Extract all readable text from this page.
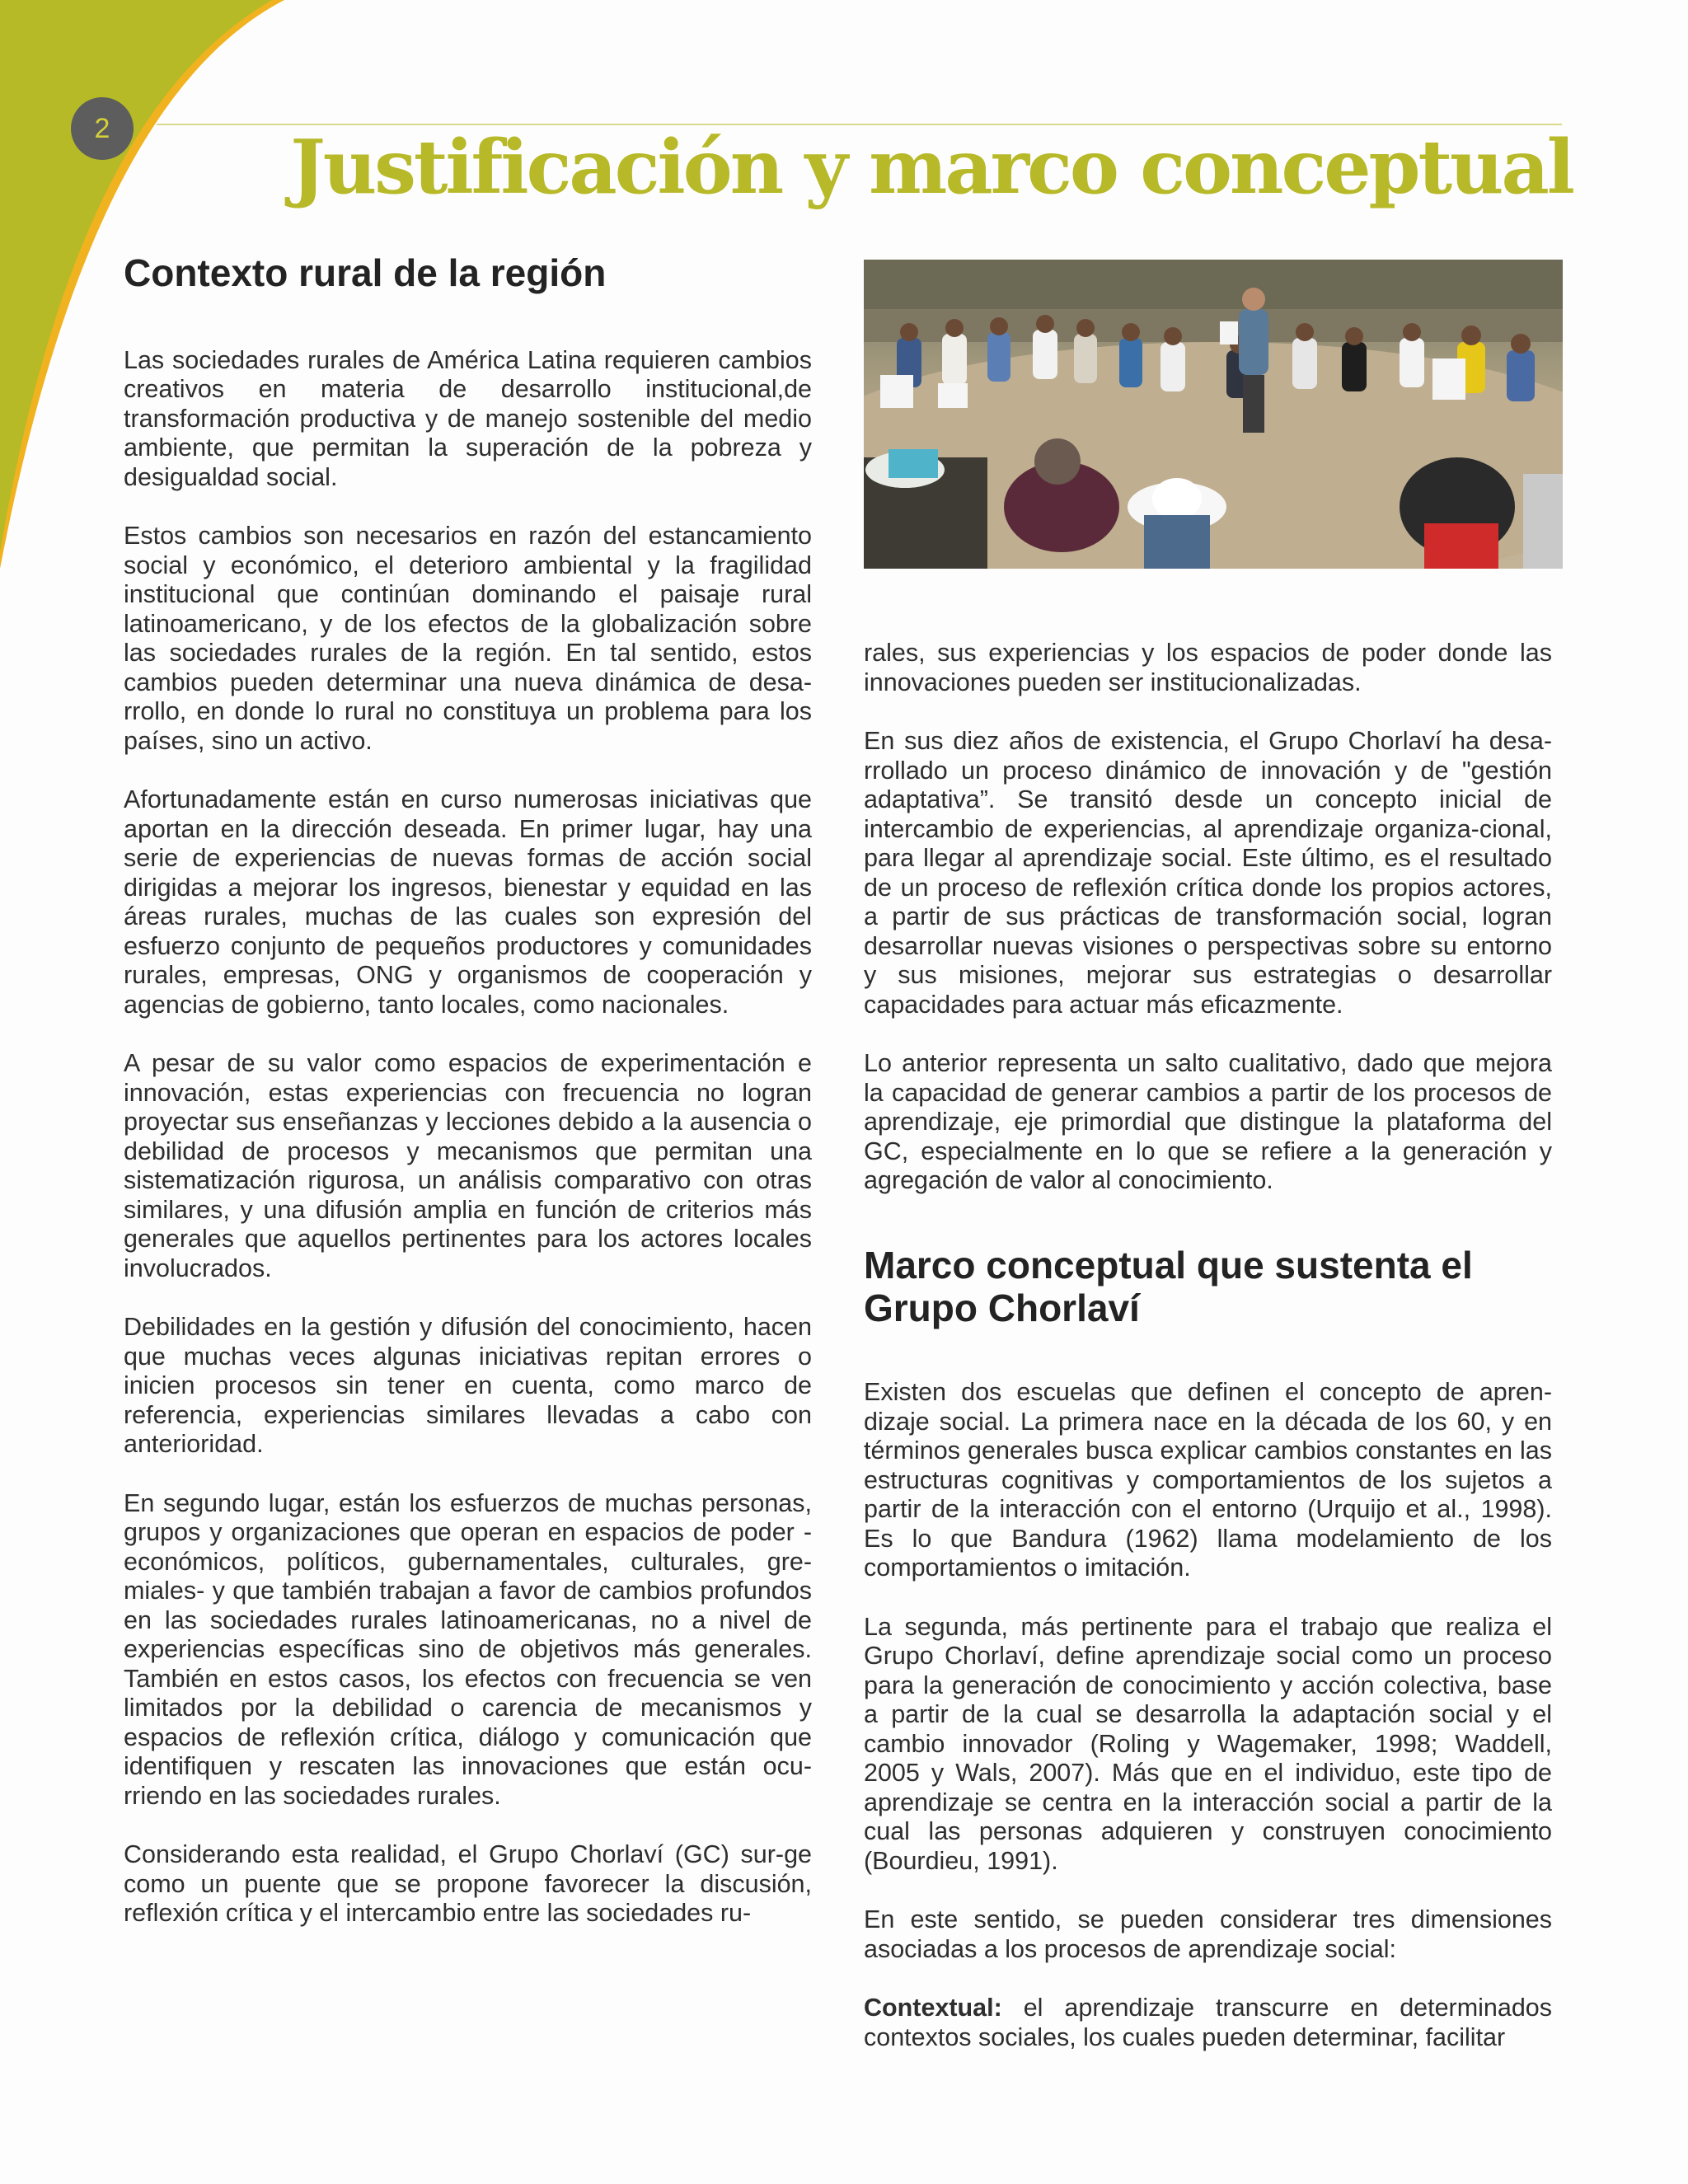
2	Justificación y marco conceptual
Contexto rural de la región

Las sociedades rurales de América Latina requieren cambios creativos en materia de desarrollo institucional,de transformación productiva y de manejo sostenible del medio ambiente, que permitan la superación de la pobreza y desigualdad social.

Estos cambios son necesarios en razón del estancamiento social y económico, el deterioro ambiental y la fragilidad institucional que continúan dominando el paisaje rural latinoamericano, y de los efectos de la globalización sobre las sociedades rurales de la región. En tal sentido, estos cambios pueden determinar una nueva dinámica de desa-rrollo, en donde lo rural no constituya un problema para los países, sino un activo.

Afortunadamente están en curso numerosas iniciativas que aportan en la dirección deseada. En primer lugar, hay una serie de experiencias de nuevas formas de acción social dirigidas a mejorar los ingresos, bienestar y equidad en las áreas rurales, muchas de las cuales son expresión del esfuerzo conjunto de pequeños productores y comunidades rurales, empresas, ONG y organismos de cooperación y agencias de gobierno, tanto locales, como nacionales.

A pesar de su valor como espacios de experimentación e innovación, estas experiencias con frecuencia no logran proyectar sus enseñanzas y lecciones debido a la ausencia o debilidad de procesos y mecanismos que permitan una sistematización rigurosa, un análisis comparativo con otras similares, y una difusión amplia en función de criterios más generales que aquellos pertinentes para los actores locales involucrados.

Debilidades en la gestión y difusión del conocimiento, hacen que muchas veces algunas iniciativas repitan errores o inicien procesos sin tener en cuenta, como marco de referencia, experiencias similares llevadas a cabo con anterioridad.

En segundo lugar, están los esfuerzos de muchas personas, grupos y organizaciones que operan en espacios de poder -económicos, políticos, gubernamentales, culturales, gre-miales- y que también trabajan a favor de cambios profundos en las sociedades rurales latinoamericanas, no a nivel de experiencias específicas sino de objetivos más generales. También en estos casos, los efectos con frecuencia se ven limitados por la debilidad o carencia de mecanismos y espacios de reflexión crítica, diálogo y comunicación que identifiquen y rescaten las innovaciones que están ocu-rriendo en las sociedades rurales.

Considerando esta realidad, el Grupo Chorlaví (GC) sur-ge como un puente que se propone favorecer la discusión, reflexión crítica y el intercambio entre las sociedades ru-

rales, sus experiencias y los espacios de poder donde las innovaciones pueden ser institucionalizadas.

En sus diez años de existencia, el Grupo Chorlaví ha desa-rrollado un proceso dinámico de innovación y de "gestión adaptativa”. Se transitó desde un concepto inicial de intercambio de experiencias, al aprendizaje organiza-cional, para llegar al aprendizaje social. Este último, es el resultado de un proceso de reflexión crítica donde los propios actores, a partir de sus prácticas de transformación social, logran desarrollar nuevas visiones o perspectivas sobre su entorno y sus misiones, mejorar sus estrategias o desarrollar capacidades para actuar más eficazmente.

Lo anterior representa un salto cualitativo, dado que mejora la capacidad de generar cambios a partir de los procesos de aprendizaje, eje primordial que distingue la plataforma del GC, especialmente en lo que se refiere a la generación y agregación de valor al conocimiento.

Marco conceptual que sustenta el Grupo Chorlaví

Existen dos escuelas que definen el concepto de apren-dizaje social. La primera nace en la década de los 60, y en términos generales busca explicar cambios constantes en las estructuras cognitivas y comportamientos de los sujetos a partir de la interacción con el entorno (Urquijo et al., 1998). Es lo que Bandura (1962) llama modelamiento de los comportamientos o imitación.

La segunda, más pertinente para el trabajo que realiza el Grupo Chorlaví, define aprendizaje social como un proceso para la generación de conocimiento y acción colectiva, base a partir de la cual se desarrolla la adaptación social y el cambio innovador (Roling y Wagemaker, 1998; Waddell, 2005 y Wals, 2007). Más que en el individuo, este tipo de aprendizaje se centra en la interacción social a partir de la cual las personas adquieren y construyen conocimiento (Bourdieu, 1991).

En este sentido, se pueden considerar tres dimensiones asociadas a los procesos de aprendizaje social:

Contextual: el aprendizaje transcurre en determinados contextos sociales, los cuales pueden determinar, facilitar
